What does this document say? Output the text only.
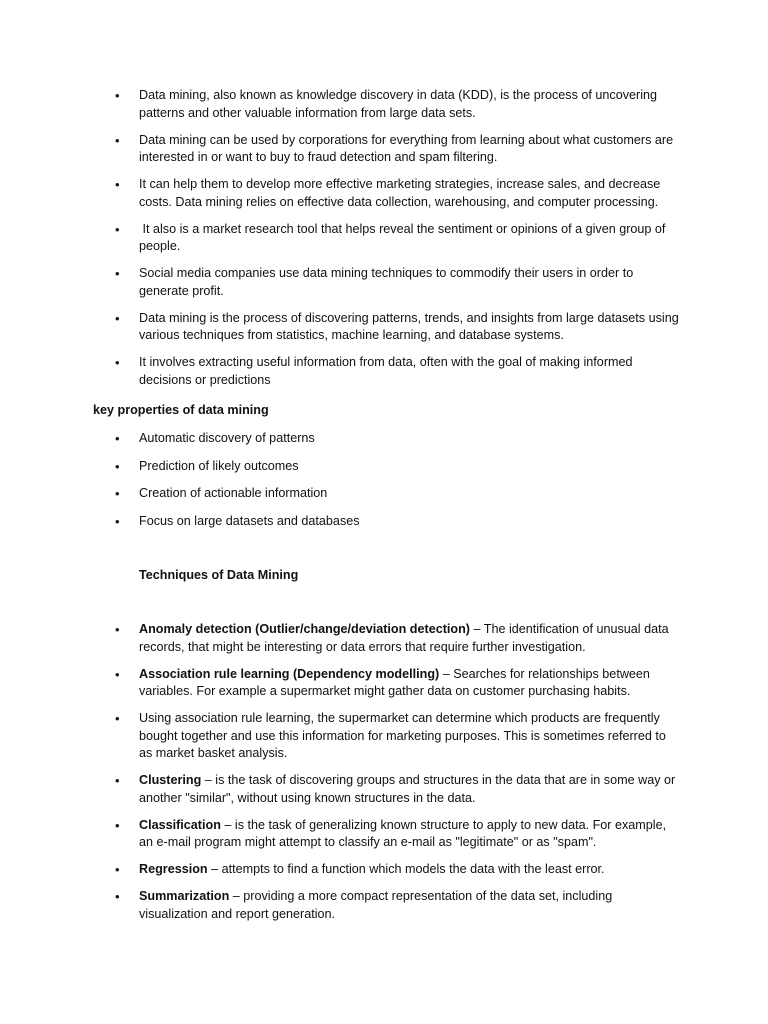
• Data mining, also known as knowledge discovery in data (KDD), is the process of uncovering patterns and other valuable information from large data sets.
• Data mining can be used by corporations for everything from learning about what customers are interested in or want to buy to fraud detection and spam filtering.
• It can help them to develop more effective marketing strategies, increase sales, and decrease costs. Data mining relies on effective data collection, warehousing, and computer processing.
• It also is a market research tool that helps reveal the sentiment or opinions of a given group of people.
• Social media companies use data mining techniques to commodify their users in order to generate profit.
• Data mining is the process of discovering patterns, trends, and insights from large datasets using various techniques from statistics, machine learning, and database systems.
• It involves extracting useful information from data, often with the goal of making informed decisions or predictions
key properties of data mining
• Automatic discovery of patterns
• Prediction of likely outcomes
• Creation of actionable information
• Focus on large datasets and databases
Techniques of Data Mining
• Anomaly detection (Outlier/change/deviation detection) – The identification of unusual data records, that might be interesting or data errors that require further investigation.
• Association rule learning (Dependency modelling) – Searches for relationships between variables. For example a supermarket might gather data on customer purchasing habits.
• Using association rule learning, the supermarket can determine which products are frequently bought together and use this information for marketing purposes. This is sometimes referred to as market basket analysis.
• Clustering – is the task of discovering groups and structures in the data that are in some way or another "similar", without using known structures in the data.
• Classification – is the task of generalizing known structure to apply to new data. For example, an e-mail program might attempt to classify an e-mail as "legitimate" or as "spam".
• Regression – attempts to find a function which models the data with the least error.
• Summarization – providing a more compact representation of the data set, including visualization and report generation.
